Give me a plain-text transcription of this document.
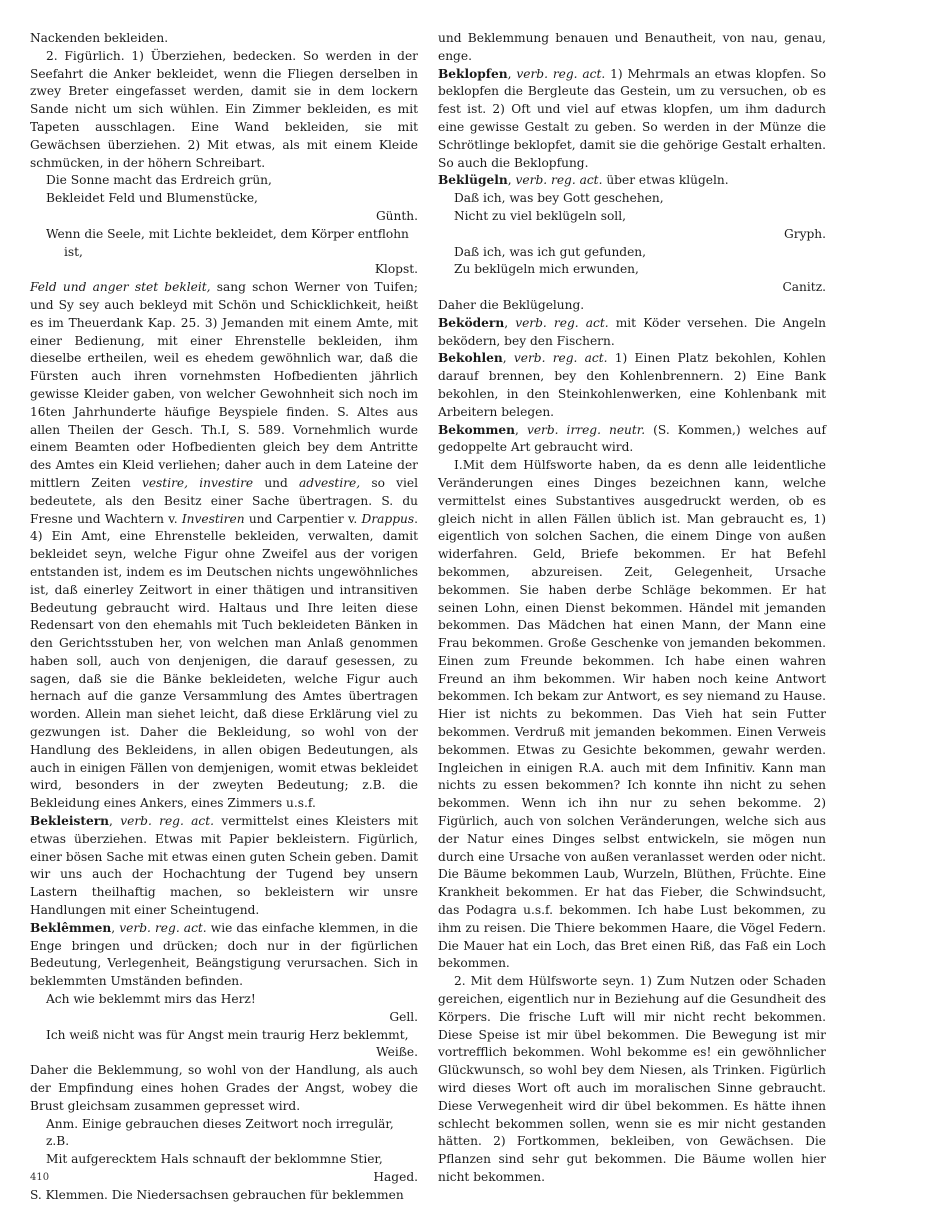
Nackenden bekleiden.

2. Figürlich. 1) Überziehen, bedecken. So werden in der Seefahrt die Anker bekleidet, wenn die Fliegen derselben in zwey Breter eingefasset werden, damit sie in dem lockern Sande nicht um sich wühlen. Ein Zimmer bekleiden, es mit Tapeten ausschlagen. Eine Wand bekleiden, sie mit Gewächsen überziehen. 2) Mit etwas, als mit einem Kleide schmücken, in der höhern Schreibart.

Die Sonne macht das Erdreich grün,

Bekleidet Feld und Blumenstücke,

Günth.

Wenn die Seele, mit Lichte bekleidet, dem Körper entflohn ist,

Klopst.

Feld und anger stet bekleit, sang schon Werner von Tuifen; und Sy sey auch bekleyd mit Schön und Schicklichkeit, heißt es im Theuerdank Kap. 25. 3) Jemanden mit einem Amte, mit einer Bedienung, mit einer Ehrenstelle bekleiden, ihm dieselbe ertheilen, weil es ehedem gewöhnlich war, daß die Fürsten auch ihren vornehmsten Hofbedienten jährlich gewisse Kleider gaben, von welcher Gewohnheit sich noch im 16ten Jahrhunderte häufige Beyspiele finden. S. Altes aus allen Theilen der Gesch. Th.I, S. 589. Vornehmlich wurde einem Beamten oder Hofbedienten gleich bey dem Antritte des Amtes ein Kleid verliehen; daher auch in dem Lateine der mittlern Zeiten vestire, investire und advestire, so viel bedeutete, als den Besitz einer Sache übertragen. S. du Fresne und Wachtern v. Investiren und Carpentier v. Drappus. 4) Ein Amt, eine Ehrenstelle bekleiden, verwalten, damit bekleidet seyn, welche Figur ohne Zweifel aus der vorigen entstanden ist, indem es im Deutschen nichts ungewöhnliches ist, daß einerley Zeitwort in einer thätigen und intransitiven Bedeutung gebraucht wird. Haltaus und Ihre leiten diese Redensart von den ehemahls mit Tuch bekleideten Bänken in den Gerichtsstuben her, von welchen man Anlaß genommen haben soll, auch von denjenigen, die darauf gesessen, zu sagen, daß sie die Bänke bekleideten, welche Figur auch hernach auf die ganze Versammlung des Amtes übertragen worden. Allein man siehet leicht, daß diese Erklärung viel zu gezwungen ist. Daher die Bekleidung, so wohl von der Handlung des Bekleidens, in allen obigen Bedeutungen, als auch in einigen Fällen von demjenigen, womit etwas bekleidet wird, besonders in der zweyten Bedeutung; z.B. die Bekleidung eines Ankers, eines Zimmers u.s.f.

Bekleistern, verb. reg. act. vermittelst eines Kleisters mit etwas überziehen. Etwas mit Papier bekleistern. Figürlich, einer bösen Sache mit etwas einen guten Schein geben. Damit wir uns auch der Hochachtung der Tugend bey unsern Lastern theilhaftig machen, so bekleistern wir unsre Handlungen mit einer Scheintugend.

Beklêmmen, verb. reg. act. wie das einfache klemmen, in die Enge bringen und drücken; doch nur in der figürlichen Bedeutung, Verlegenheit, Beängstigung verursachen. Sich in beklemmten Umständen befinden.

Ach wie beklemmt mirs das Herz!

Gell.

Ich weiß nicht was für Angst mein traurig Herz beklemmt,

Weiße.

Daher die Beklemmung, so wohl von der Handlung, als auch der Empfindung eines hohen Grades der Angst, wobey die Brust gleichsam zusammen gepresset wird.

Anm. Einige gebrauchen dieses Zeitwort noch irregulär, z.B.

Mit aufgerecktem Hals schnauft der beklommne Stier,

Haged.

S. Klemmen. Die Niedersachsen gebrauchen für beklemmen

und Beklemmung benauen und Benautheit, von nau, genau, enge.

Beklopfen, verb. reg. act. 1) Mehrmals an etwas klopfen. So beklopfen die Bergleute das Gestein, um zu versuchen, ob es fest ist. 2) Oft und viel auf etwas klopfen, um ihm dadurch eine gewisse Gestalt zu geben. So werden in der Münze die Schrötlinge beklopfet, damit sie die gehörige Gestalt erhalten. So auch die Beklopfung.

Beklügeln, verb. reg. act. über etwas klügeln.

Daß ich, was bey Gott geschehen,

Nicht zu viel beklügeln soll,

Gryph.

Daß ich, was ich gut gefunden,

Zu beklügeln mich erwunden,

Canitz.

Daher die Beklügelung.

Beködern, verb. reg. act. mit Köder versehen. Die Angeln beködern, bey den Fischern.

Bekohlen, verb. reg. act. 1) Einen Platz bekohlen, Kohlen darauf brennen, bey den Kohlenbrennern. 2) Eine Bank bekohlen, in den Steinkohlenwerken, eine Kohlenbank mit Arbeitern belegen.

Bekommen, verb. irreg. neutr. (S. Kommen,) welches auf gedoppelte Art gebraucht wird.

I.Mit dem Hülfsworte haben, da es denn alle leidentliche Veränderungen eines Dinges bezeichnen kann, welche vermittelst eines Substantives ausgedruckt werden, ob es gleich nicht in allen Fällen üblich ist. Man gebraucht es, 1) eigentlich von solchen Sachen, die einem Dinge von außen widerfahren. Geld, Briefe bekommen. Er hat Befehl bekommen, abzureisen. Zeit, Gelegenheit, Ursache bekommen. Sie haben derbe Schläge bekommen. Er hat seinen Lohn, einen Dienst bekommen. Händel mit jemanden bekommen. Das Mädchen hat einen Mann, der Mann eine Frau bekommen. Große Geschenke von jemanden bekommen. Einen zum Freunde bekommen. Ich habe einen wahren Freund an ihm bekommen. Wir haben noch keine Antwort bekommen. Ich bekam zur Antwort, es sey niemand zu Hause. Hier ist nichts zu bekommen. Das Vieh hat sein Futter bekommen. Verdruß mit jemanden bekommen. Einen Verweis bekommen. Etwas zu Gesichte bekommen, gewahr werden. Ingleichen in einigen R.A. auch mit dem Infinitiv. Kann man nichts zu essen bekommen? Ich konnte ihn nicht zu sehen bekommen. Wenn ich ihn nur zu sehen bekomme. 2) Figürlich, auch von solchen Veränderungen, welche sich aus der Natur eines Dinges selbst entwickeln, sie mögen nun durch eine Ursache von außen veranlasset werden oder nicht. Die Bäume bekommen Laub, Wurzeln, Blüthen, Früchte. Eine Krankheit bekommen. Er hat das Fieber, die Schwindsucht, das Podagra u.s.f. bekommen. Ich habe Lust bekommen, zu ihm zu reisen. Die Thiere bekommen Haare, die Vögel Federn. Die Mauer hat ein Loch, das Bret einen Riß, das Faß ein Loch bekommen.

2. Mit dem Hülfsworte seyn. 1) Zum Nutzen oder Schaden gereichen, eigentlich nur in Beziehung auf die Gesundheit des Körpers. Die frische Luft will mir nicht recht bekommen. Diese Speise ist mir übel bekommen. Die Bewegung ist mir vortrefflich bekommen. Wohl bekomme es! ein gewöhnlicher Glückwunsch, so wohl bey dem Niesen, als Trinken. Figürlich wird dieses Wort oft auch im moralischen Sinne gebraucht. Diese Verwegenheit wird dir übel bekommen. Es hätte ihnen schlecht bekommen sollen, wenn sie es mir nicht gestanden hätten. 2) Fortkommen, bekleiben, von Gewächsen. Die Pflanzen sind sehr gut bekommen. Die Bäume wollen hier nicht bekommen.

410
